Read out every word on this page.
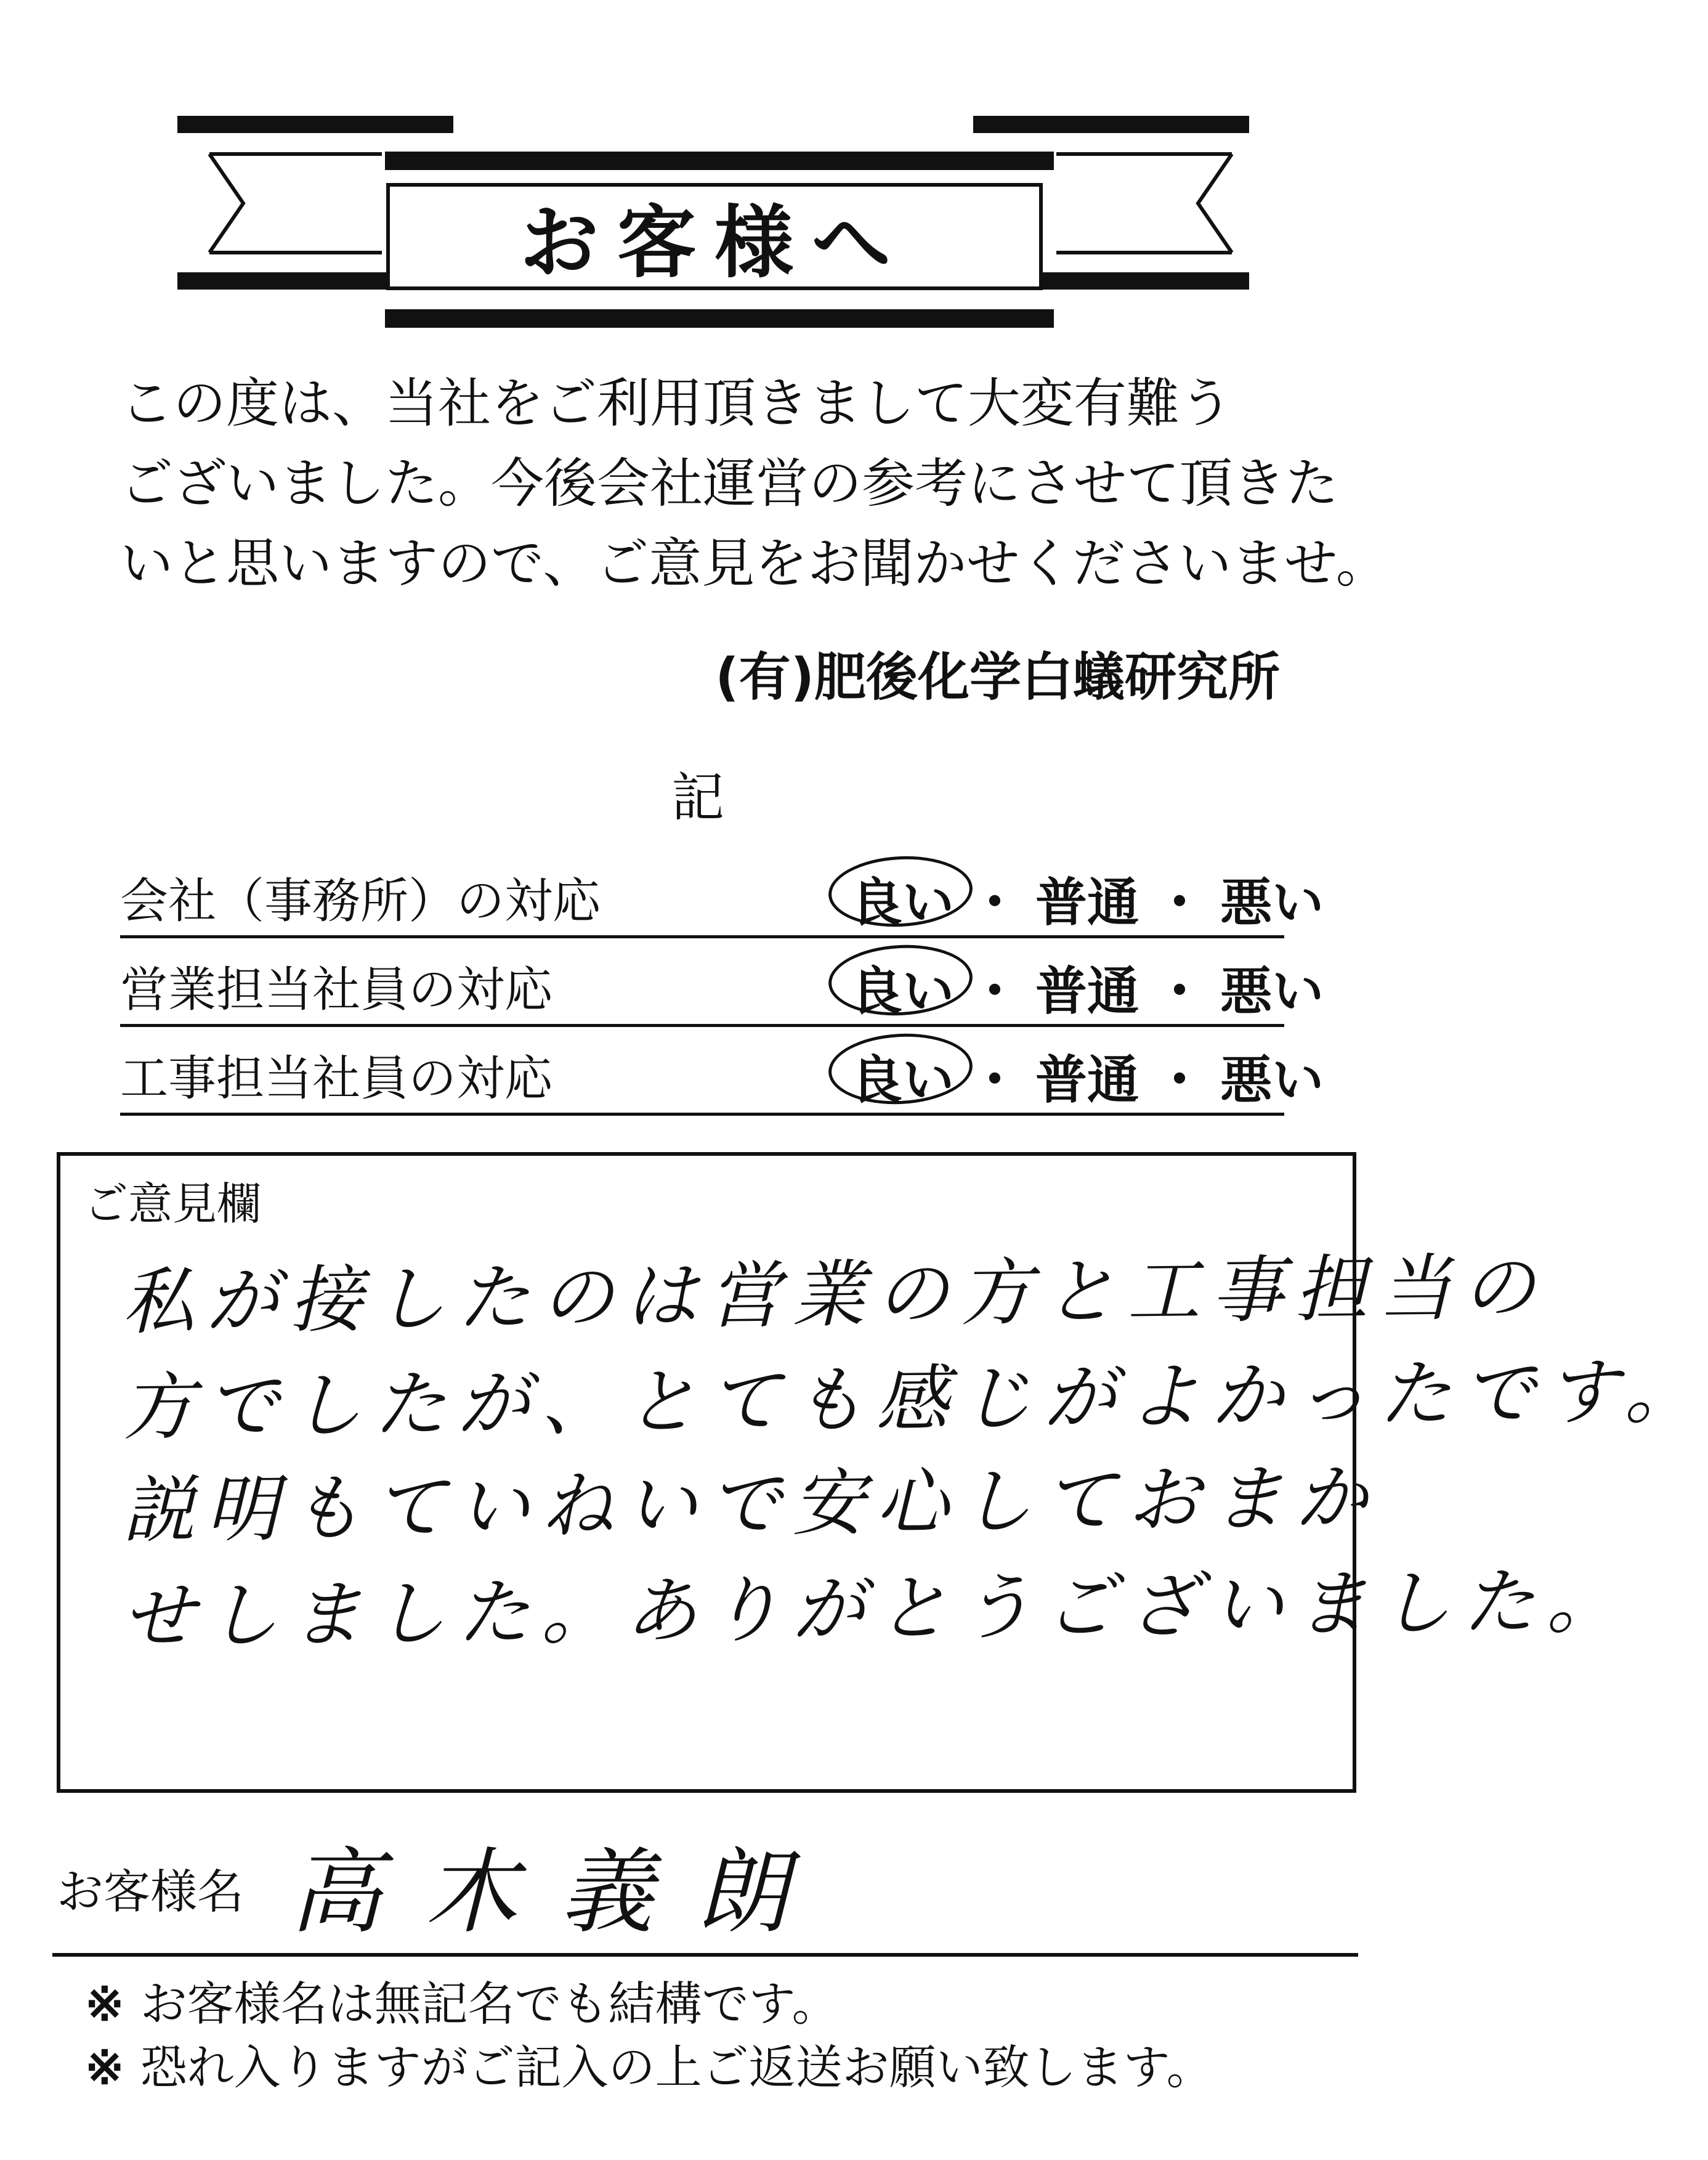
お客様へ
この度は、当社をご利用頂きまして大変有難う
ございました。今後会社運営の参考にさせて頂きた
いと思いますので、ご意見をお聞かせくださいませ。
(有)肥後化学白蟻研究所
記
会社（事務所）の対応	良い ・ 普通 ・ 悪い
営業担当社員の対応	良い ・ 普通 ・ 悪い
工事担当社員の対応	良い ・ 普通 ・ 悪い
ご意見欄
私が接したのは営業の方と工事担当の
方でしたが、とても感じがよかったです。
説明もていねいで安心しておまか
せしました。ありがとうございました。
お客様名 高木義朗
※ お客様名は無記名でも結構です。
※ 恐れ入りますがご記入の上ご返送お願い致します。
